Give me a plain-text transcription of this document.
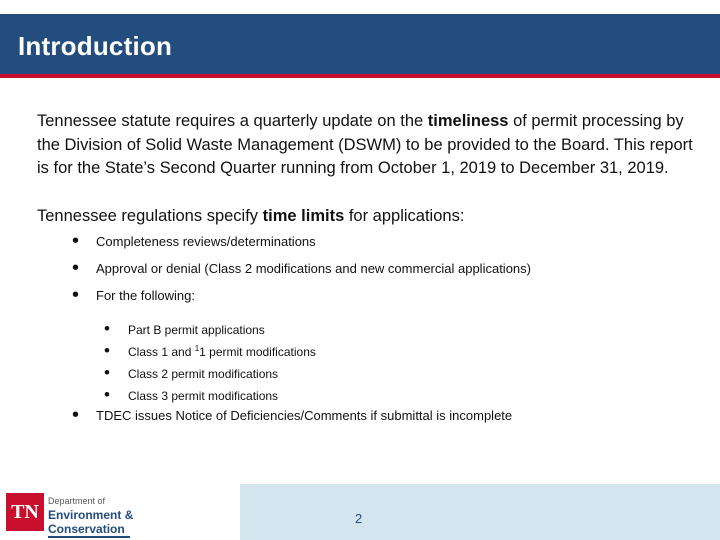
Introduction

Tennessee statute requires a quarterly update on the timeliness of permit processing by the Division of Solid Waste Management (DSWM) to be provided to the Board. This report is for the State’s Second Quarter running from October 1, 2019 to December 31, 2019.

Tennessee regulations specify time limits for applications:
• Completeness reviews/determinations
• Approval or denial (Class 2 modifications and new commercial applications)
• For the following:
• Part B permit applications
• Class 1 and $^1$1 permit modifications
• Class 2 permit modifications
• Class 3 permit modifications
• TDEC issues Notice of Deficiencies/Comments if submittal is incomplete
TN	Department of
Environment &
Conservation
2
